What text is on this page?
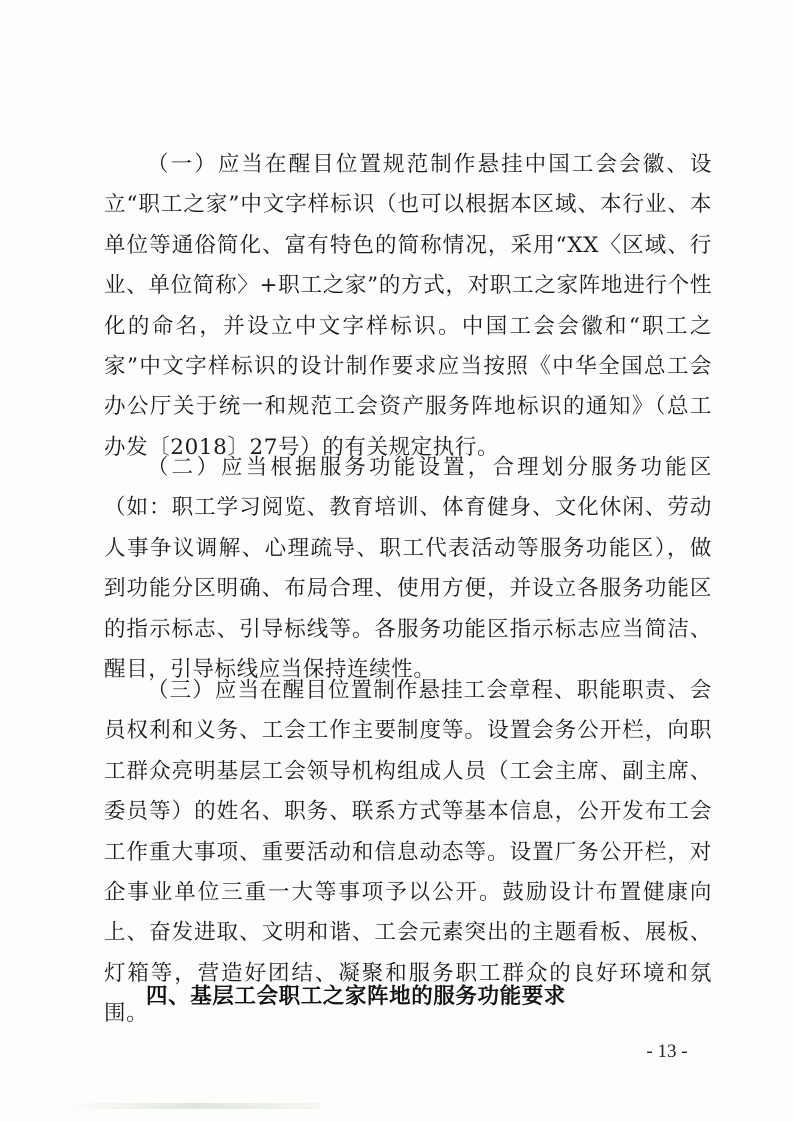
（一）应当在醒目位置规范制作悬挂中国工会会徽、设立“职工之家”中文字样标识（也可以根据本区域、本行业、本单位等通俗简化、富有特色的简称情况，采用“XX〈区域、行业、单位简称〉+职工之家”的方式，对职工之家阵地进行个性化的命名，并设立中文字样标识。中国工会会徽和“职工之家”中文字样标识的设计制作要求应当按照《中华全国总工会办公厅关于统一和规范工会资产服务阵地标识的通知》（总工办发〔2018〕27号）的有关规定执行。

（二）应当根据服务功能设置，合理划分服务功能区（如：职工学习阅览、教育培训、体育健身、文化休闲、劳动人事争议调解、心理疏导、职工代表活动等服务功能区），做到功能分区明确、布局合理、使用方便，并设立各服务功能区的指示标志、引导标线等。各服务功能区指示标志应当简洁、醒目，引导标线应当保持连续性。

（三）应当在醒目位置制作悬挂工会章程、职能职责、会员权利和义务、工会工作主要制度等。设置会务公开栏，向职工群众亮明基层工会领导机构组成人员（工会主席、副主席、委员等）的姓名、职务、联系方式等基本信息，公开发布工会工作重大事项、重要活动和信息动态等。设置厂务公开栏，对企事业单位三重一大等事项予以公开。鼓励设计布置健康向上、奋发进取、文明和谐、工会元素突出的主题看板、展板、灯箱等，营造好团结、凝聚和服务职工群众的良好环境和氛围。

四、基层工会职工之家阵地的服务功能要求
- 13 -
